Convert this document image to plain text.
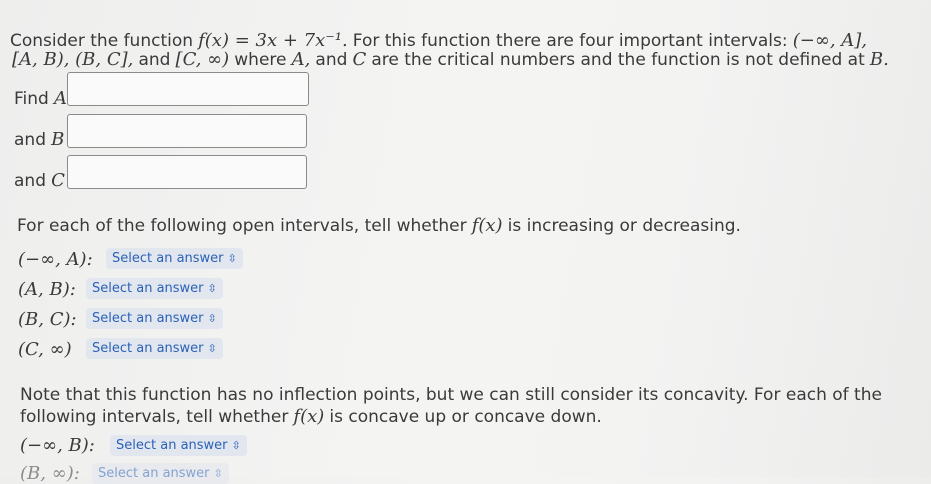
Consider the function f(x) = 3x + 7x⁻¹. For this function there are four important intervals: (−∞, A],
[A, B), (B, C], and [C, ∞) where A, and C are the critical numbers and the function is not defined at B.
Find A
and B
and C
For each of the following open intervals, tell whether f(x) is increasing or decreasing.
(−∞, A):	Select an answer ⇳
(A, B):	Select an answer ⇳
(B, C):	Select an answer ⇳
(C, ∞)	Select an answer ⇳
Note that this function has no inflection points, but we can still consider its concavity. For each of the
following intervals, tell whether f(x) is concave up or concave down.
(−∞, B):	Select an answer ⇳
(B, ∞):	Select an answer ⇳
